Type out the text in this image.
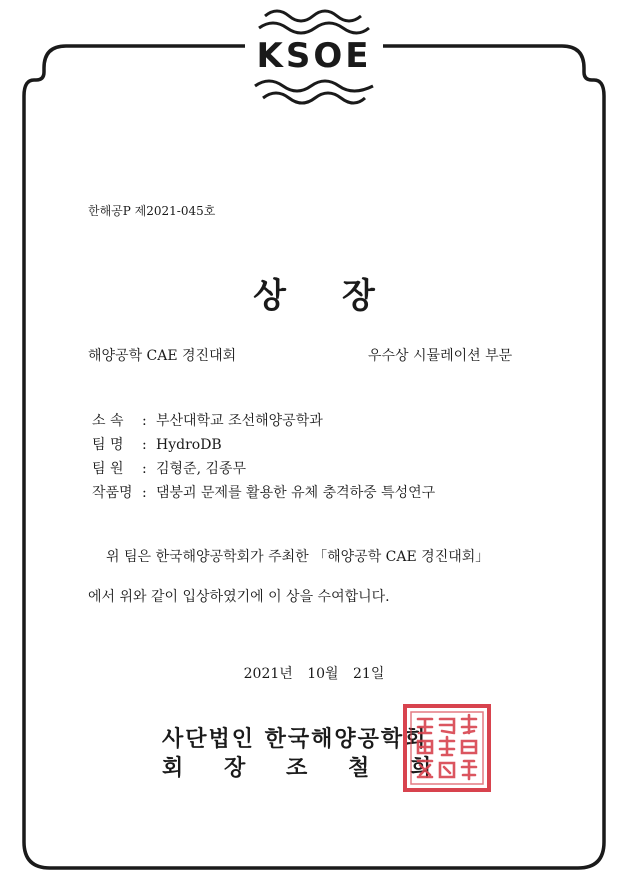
KSOE
한해공P 제2021-045호
상 장
해양공학 CAE 경진대회	우수상 시뮬레이션 부문
소 속 : 부산대학교 조선해양공학과
팀 명 : HydroDB
팀 원 : 김형준, 김종무
작품명 : 댐붕괴 문제를 활용한 유체 충격하중 특성연구
위 팀은 한국해양공학회가 주최한 「해양공학 CAE 경진대회」
에서 위와 같이 입상하였기에 이 상을 수여합니다.
2021년 10월 21일
사단법인 한국해양공학회
회 장 조 철 희
